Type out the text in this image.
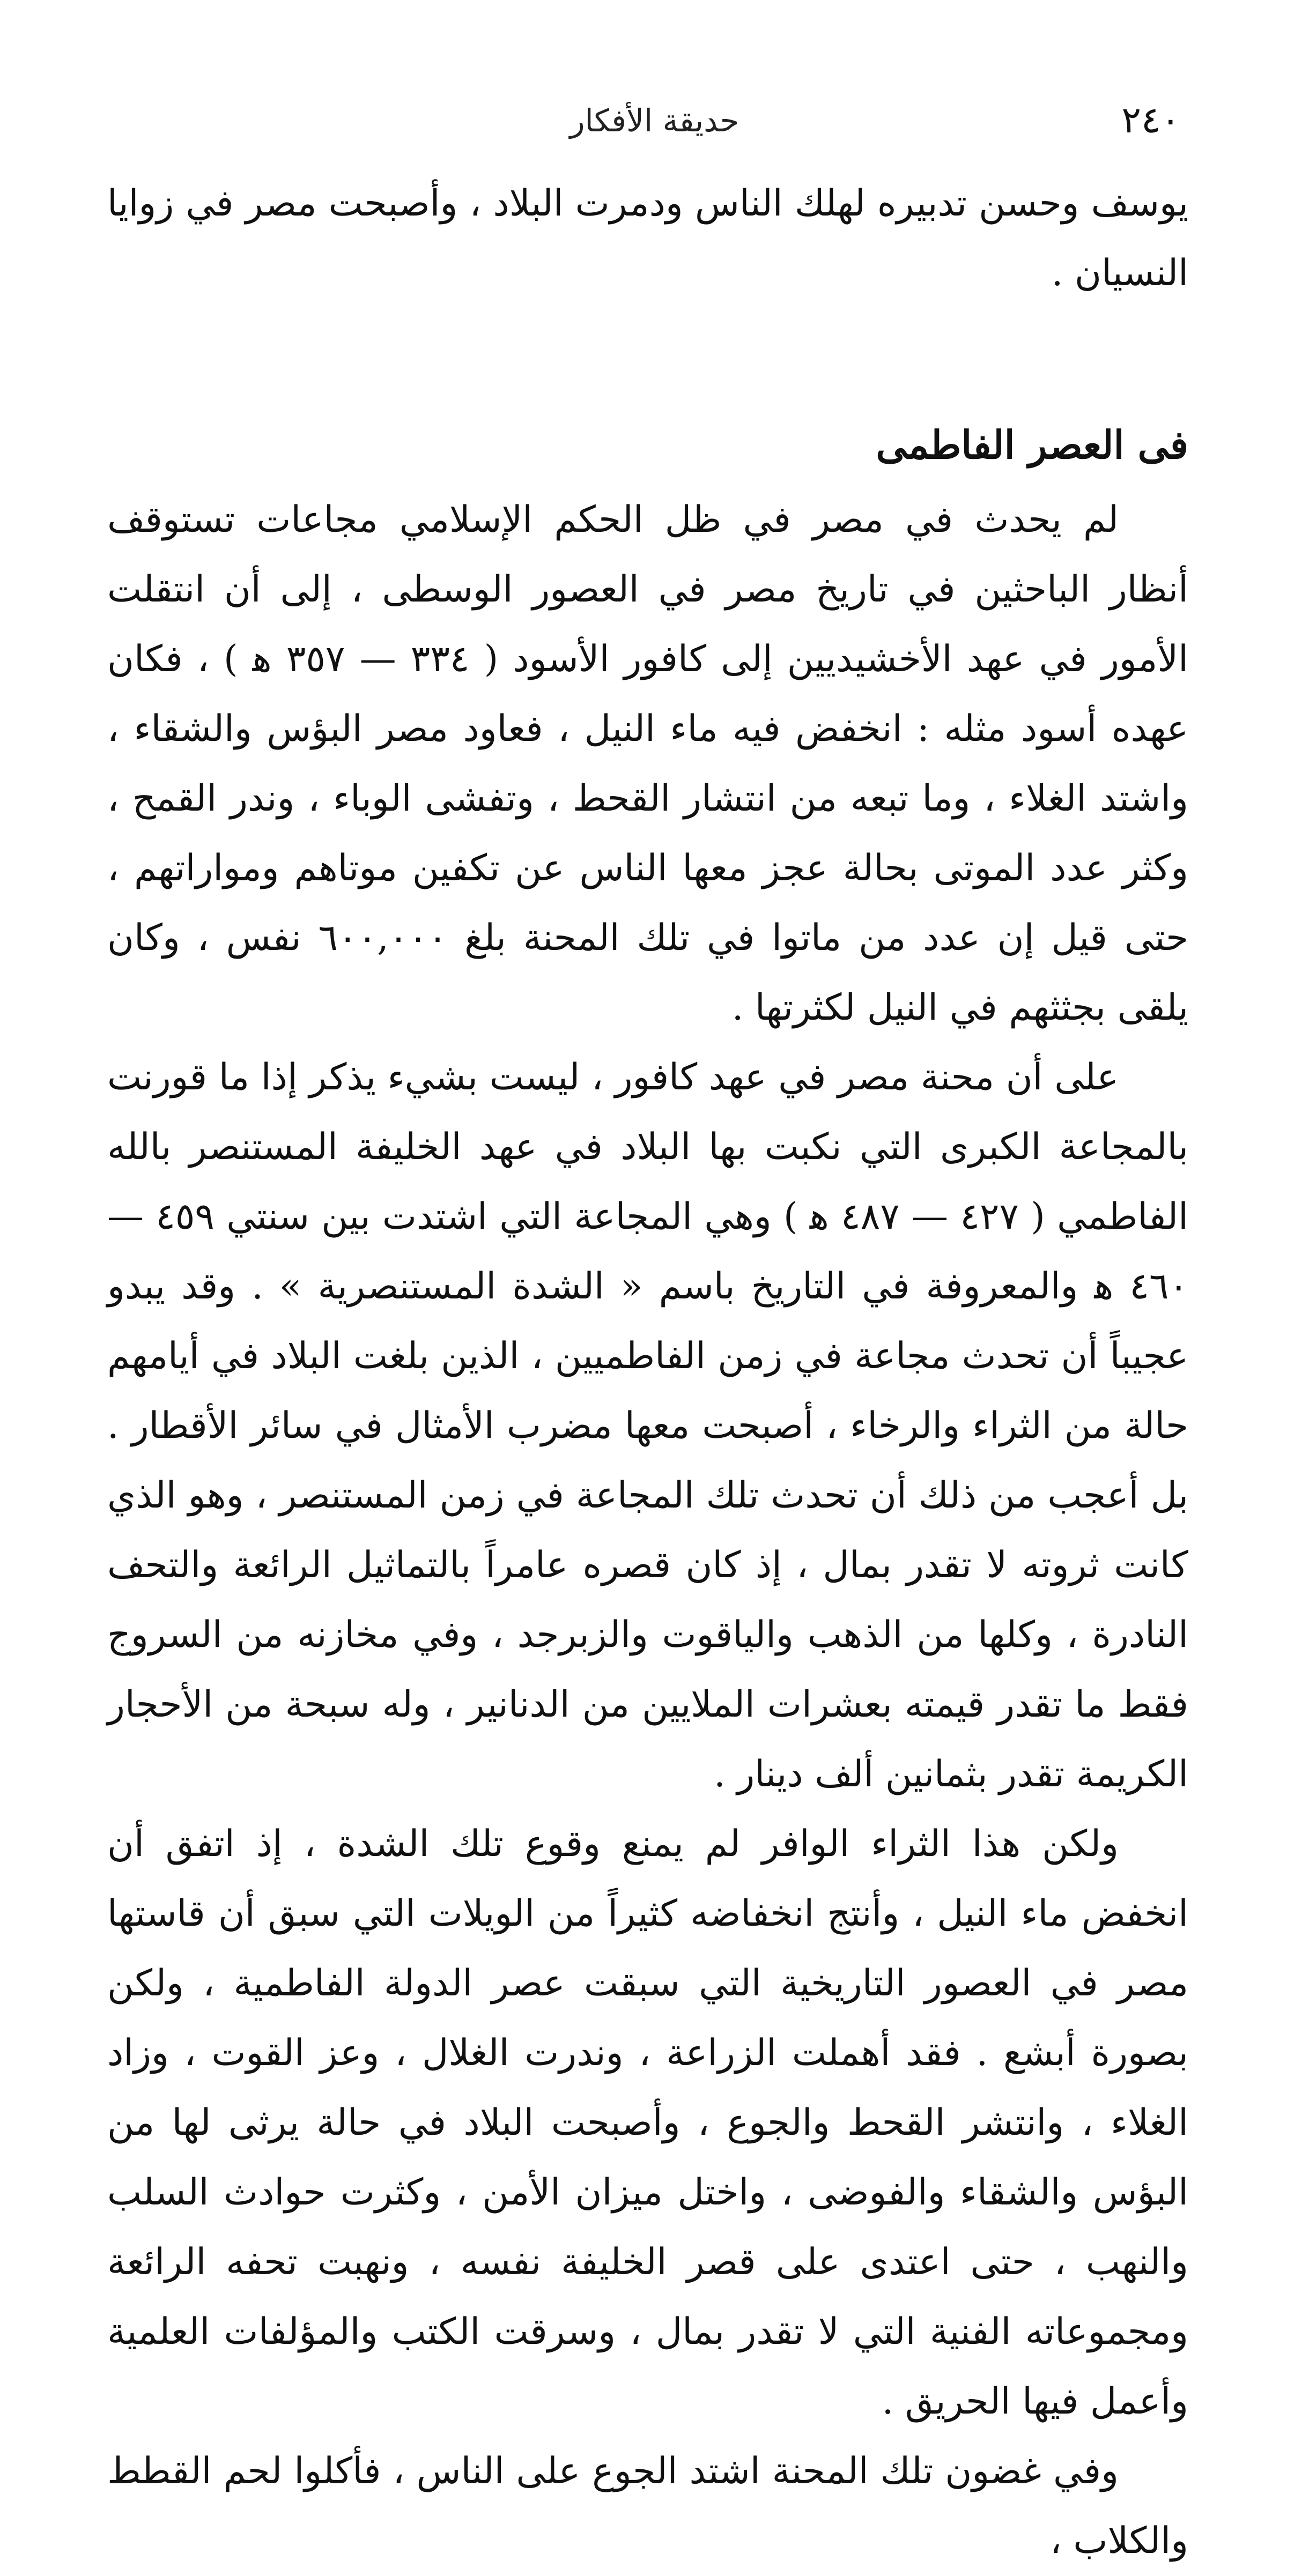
٢٤٠
حديقة الأفكار

يوسف وحسن تدبيره لهلك الناس ودمرت البلاد ، وأصبحت مصر في زوايا النسيان .

فى العصر الفاطمى

لم يحدث في مصر في ظل الحكم الإسلامي مجاعات تستوقف أنظار الباحثين في تاريخ مصر في العصور الوسطى ، إلى أن انتقلت الأمور في عهد الأخشيديين إلى كافور الأسود ( ٣٣٤ — ٣٥٧ ﻫ ) ، فكان عهده أسود مثله : انخفض فيه ماء النيل ، فعاود مصر البؤس والشقاء ، واشتد الغلاء ، وما تبعه من انتشار القحط ، وتفشى الوباء ، وندر القمح ، وكثر عدد الموتى بحالة عجز معها الناس عن تكفين موتاهم ومواراتهم ، حتى قيل إن عدد من ماتوا في تلك المحنة بلغ ٦٠٠,٠٠٠ نفس ، وكان يلقى بجثثهم في النيل لكثرتها .

على أن محنة مصر في عهد كافور ، ليست بشيء يذكر إذا ما قورنت بالمجاعة الكبرى التي نكبت بها البلاد في عهد الخليفة المستنصر بالله الفاطمي ( ٤٢٧ — ٤٨٧ ﻫ ) وهي المجاعة التي اشتدت بين سنتي ٤٥٩ — ٤٦٠ ﻫ والمعروفة في التاريخ باسم « الشدة المستنصرية » . وقد يبدو عجيباً أن تحدث مجاعة في زمن الفاطميين ، الذين بلغت البلاد في أيامهم حالة من الثراء والرخاء ، أصبحت معها مضرب الأمثال في سائر الأقطار . بل أعجب من ذلك أن تحدث تلك المجاعة في زمن المستنصر ، وهو الذي كانت ثروته لا تقدر بمال ، إذ كان قصره عامراً بالتماثيل الرائعة والتحف النادرة ، وكلها من الذهب والياقوت والزبرجد ، وفي مخازنه من السروج فقط ما تقدر قيمته بعشرات الملايين من الدنانير ، وله سبحة من الأحجار الكريمة تقدر بثمانين ألف دينار .

ولكن هذا الثراء الوافر لم يمنع وقوع تلك الشدة ، إذ اتفق أن انخفض ماء النيل ، وأنتج انخفاضه كثيراً من الويلات التي سبق أن قاستها مصر في العصور التاريخية التي سبقت عصر الدولة الفاطمية ، ولكن بصورة أبشع . فقد أهملت الزراعة ، وندرت الغلال ، وعز القوت ، وزاد الغلاء ، وانتشر القحط والجوع ، وأصبحت البلاد في حالة يرثى لها من البؤس والشقاء والفوضى ، واختل ميزان الأمن ، وكثرت حوادث السلب والنهب ، حتى اعتدى على قصر الخليفة نفسه ، ونهبت تحفه الرائعة ومجموعاته الفنية التي لا تقدر بمال ، وسرقت الكتب والمؤلفات العلمية وأعمل فيها الحريق .

وفي غضون تلك المحنة اشتد الجوع على الناس ، فأكلوا لحم القطط والكلاب ،
